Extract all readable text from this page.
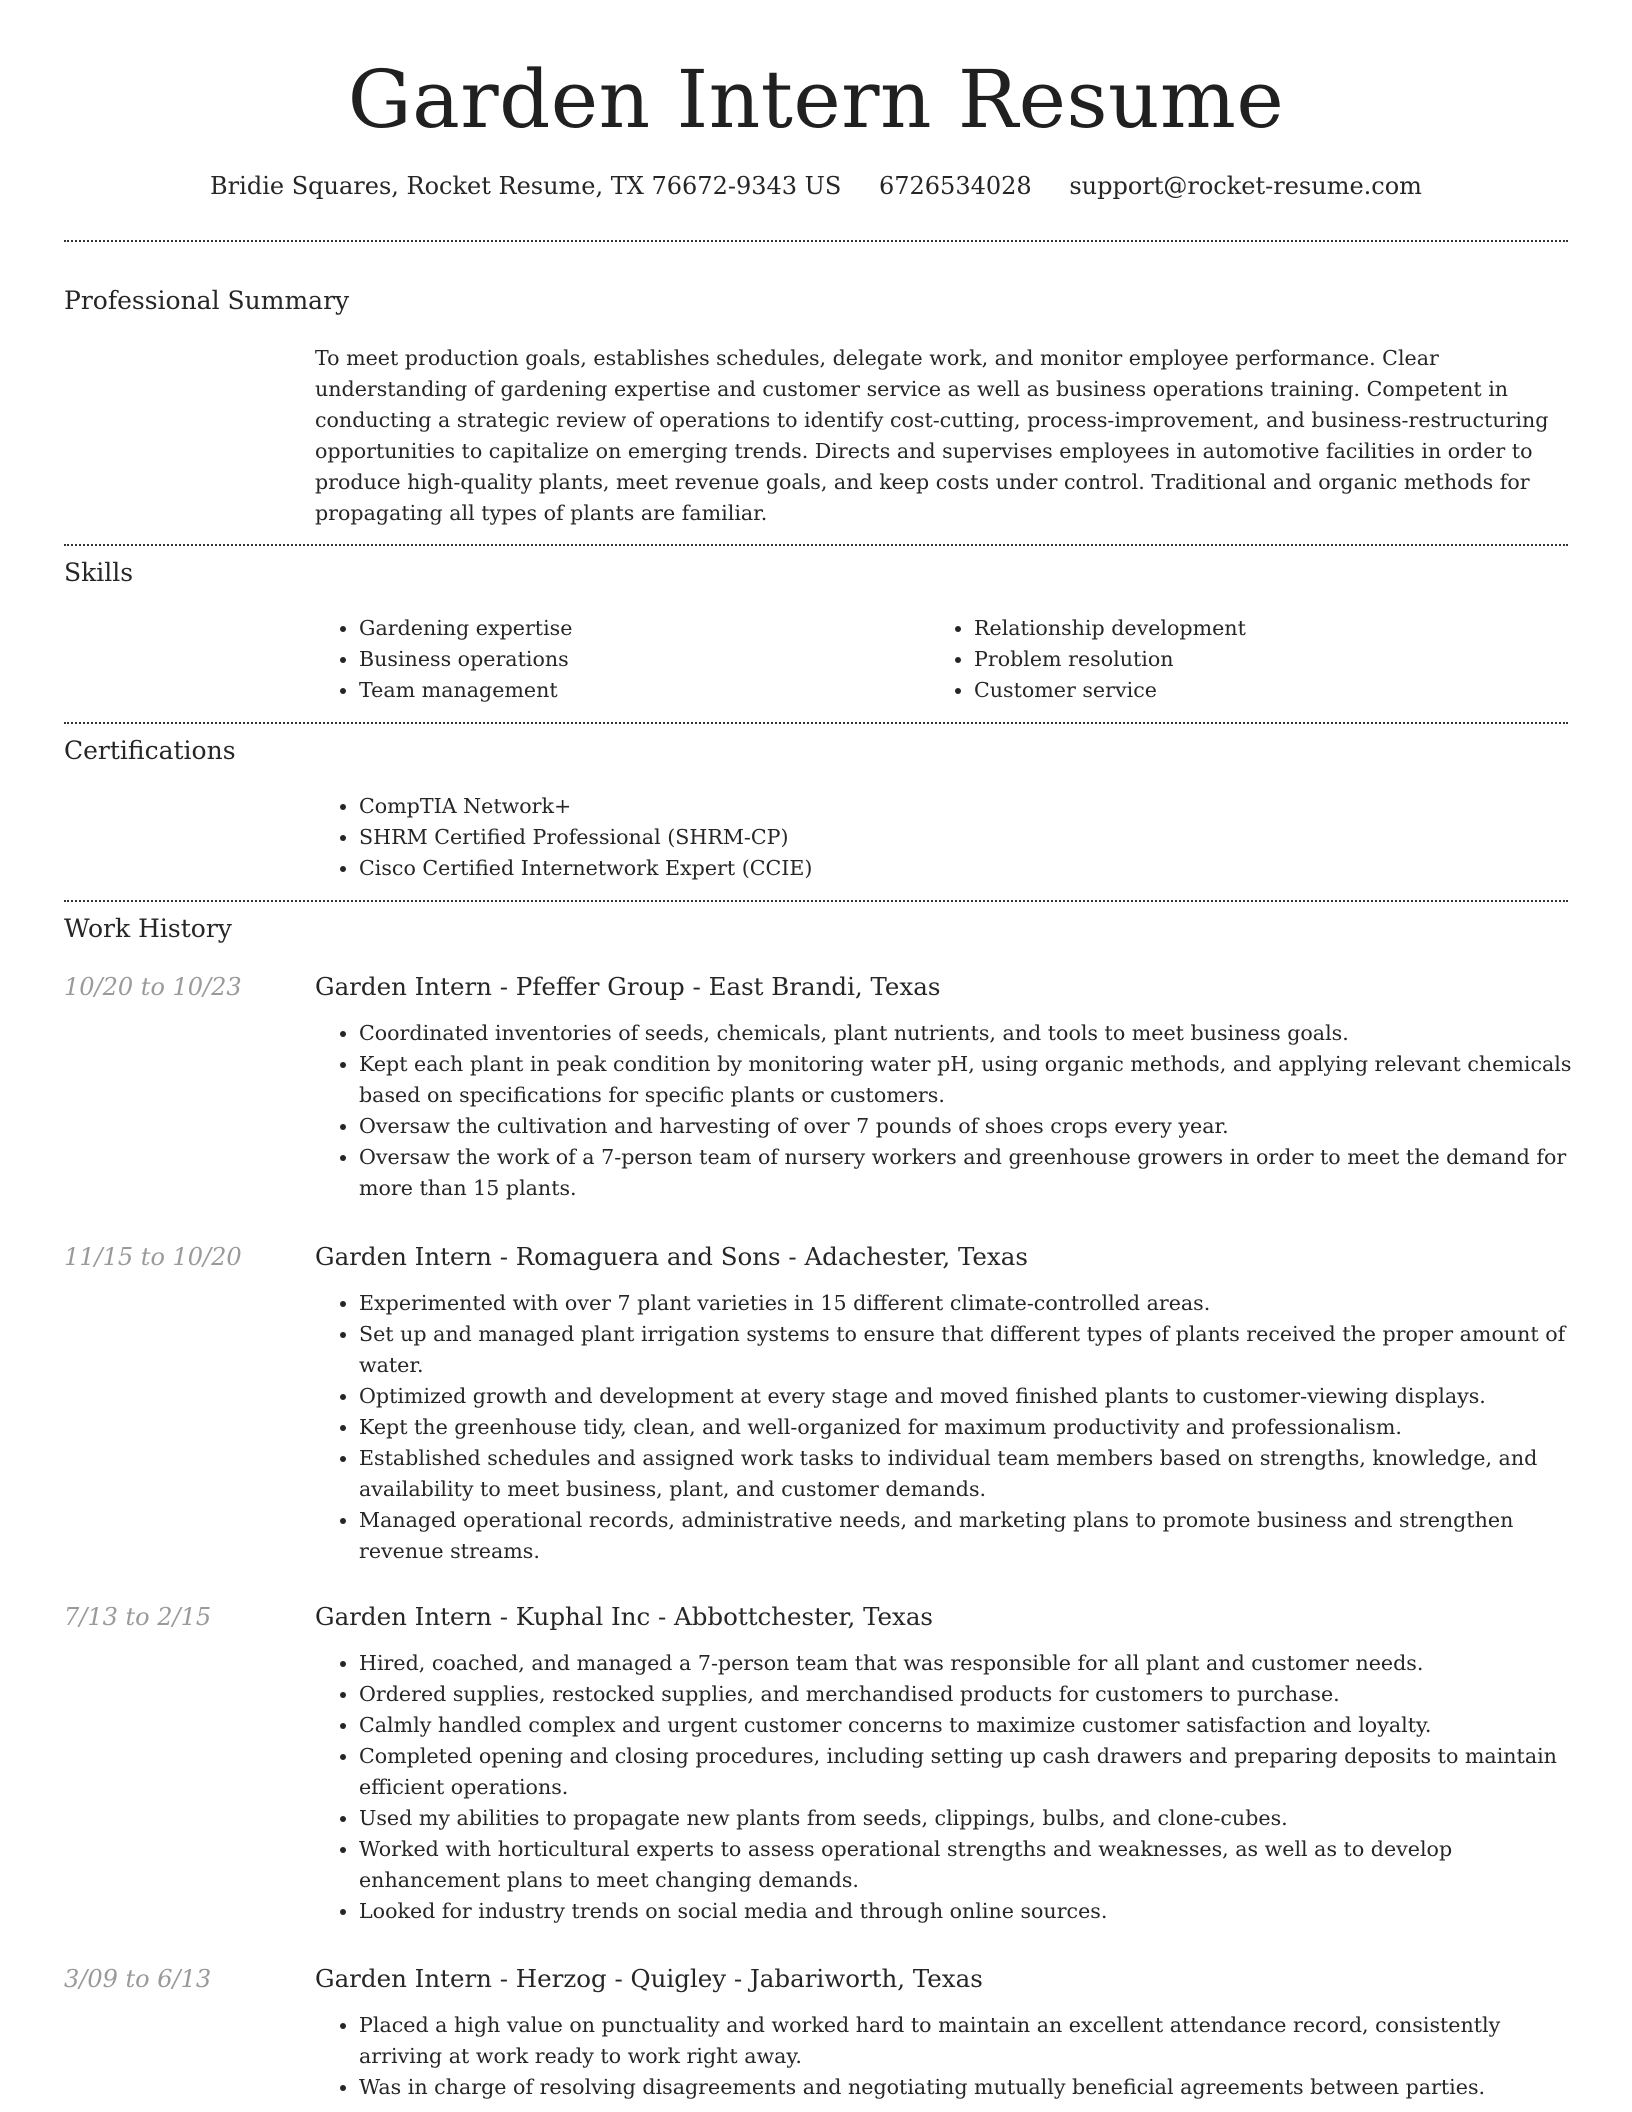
Garden Intern Resume
Bridie Squares, Rocket Resume, TX 76672-9343 US 6726534028 support@rocket-resume.com
Professional Summary

To meet production goals, establishes schedules, delegate work, and monitor employee performance. Clear understanding of gardening expertise and customer service as well as business operations training. Competent in conducting a strategic review of operations to identify cost-cutting, process-improvement, and business-restructuring opportunities to capitalize on emerging trends. Directs and supervises employees in automotive facilities in order to produce high-quality plants, meet revenue goals, and keep costs under control. Traditional and organic methods for propagating all types of plants are familiar.

Skills
• Gardening expertise
• Business operations
• Team management
• Relationship development
• Problem resolution
• Customer service
Certifications
• CompTIA Network+
• SHRM Certified Professional (SHRM-CP)
• Cisco Certified Internetwork Expert (CCIE)
Work History
10/20 to 10/23	Garden Intern - Pfeffer Group - East Brandi, Texas
• Coordinated inventories of seeds, chemicals, plant nutrients, and tools to meet business goals.
• Kept each plant in peak condition by monitoring water pH, using organic methods, and applying relevant chemicals based on specifications for specific plants or customers.
• Oversaw the cultivation and harvesting of over 7 pounds of shoes crops every year.
• Oversaw the work of a 7-person team of nursery workers and greenhouse growers in order to meet the demand for more than 15 plants.
11/15 to 10/20	Garden Intern - Romaguera and Sons - Adachester, Texas
• Experimented with over 7 plant varieties in 15 different climate-controlled areas.
• Set up and managed plant irrigation systems to ensure that different types of plants received the proper amount of water.
• Optimized growth and development at every stage and moved finished plants to customer-viewing displays.
• Kept the greenhouse tidy, clean, and well-organized for maximum productivity and professionalism.
• Established schedules and assigned work tasks to individual team members based on strengths, knowledge, and availability to meet business, plant, and customer demands.
• Managed operational records, administrative needs, and marketing plans to promote business and strengthen revenue streams.
7/13 to 2/15	Garden Intern - Kuphal Inc - Abbottchester, Texas
• Hired, coached, and managed a 7-person team that was responsible for all plant and customer needs.
• Ordered supplies, restocked supplies, and merchandised products for customers to purchase.
• Calmly handled complex and urgent customer concerns to maximize customer satisfaction and loyalty.
• Completed opening and closing procedures, including setting up cash drawers and preparing deposits to maintain efficient operations.
• Used my abilities to propagate new plants from seeds, clippings, bulbs, and clone-cubes.
• Worked with horticultural experts to assess operational strengths and weaknesses, as well as to develop enhancement plans to meet changing demands.
• Looked for industry trends on social media and through online sources.
3/09 to 6/13	Garden Intern - Herzog - Quigley - Jabariworth, Texas
• Placed a high value on punctuality and worked hard to maintain an excellent attendance record, consistently arriving at work ready to work right away.
• Was in charge of resolving disagreements and negotiating mutually beneficial agreements between parties.
